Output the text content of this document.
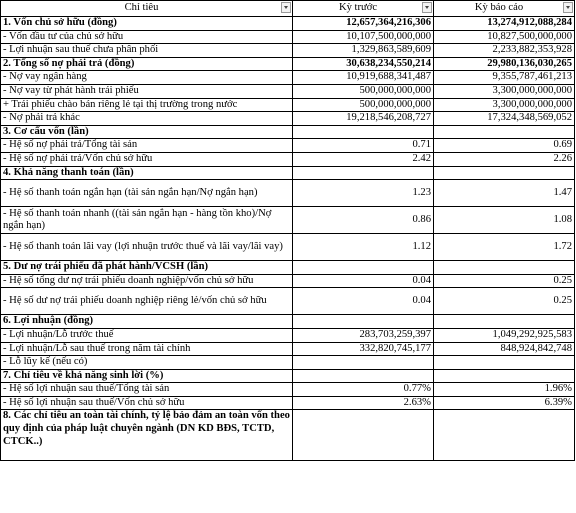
Chỉ tiêu	Kỳ trước	Kỳ báo cáo

1. Vốn chủ sở hữu (đồng)	12,657,364,216,306	13,274,912,088,284
- Vốn đầu tư của chủ sở hữu	10,107,500,000,000	10,827,500,000,000
- Lợi nhuận sau thuế chưa phân phối	1,329,863,589,609	2,233,882,353,928
2. Tổng số nợ phải trả (đồng)	30,638,234,550,214	29,980,136,030,265
- Nợ vay ngân hàng	10,919,688,341,487	9,355,787,461,213
- Nợ vay từ phát hành trái phiếu	500,000,000,000	3,300,000,000,000
+ Trái phiếu chào bán riêng lẻ tại thị trường trong nước	500,000,000,000	3,300,000,000,000
- Nợ phải trả khác	19,218,546,208,727	17,324,348,569,052
3. Cơ cấu vốn (lần)		
- Hệ số nợ phải trả/Tổng tài sản	0.71	0.69
- Hệ số nợ phải trả/Vốn chủ sở hữu	2.42	2.26
4. Khả năng thanh toán (lần)		
- Hệ số thanh toán ngắn hạn (tài sản ngắn hạn/Nợ ngắn hạn)	1.23	1.47
- Hệ số thanh toán nhanh ((tài sản ngắn hạn - hàng tồn kho)/Nợ ngắn hạn)	0.86	1.08
- Hệ số thanh toán lãi vay (lợi nhuận trước thuế và lãi vay/lãi vay)	1.12	1.72
5. Dư nợ trái phiếu đã phát hành/VCSH (lần)		
- Hệ số tổng dư nợ trái phiếu doanh nghiệp/vốn chủ sở hữu	0.04	0.25
- Hệ số dư nợ trái phiếu doanh nghiệp riêng lẻ/vốn chủ sở hữu	0.04	0.25
6. Lợi nhuận (đồng)		
- Lợi nhuận/Lỗ trước thuế	283,703,259,397	1,049,292,925,583
- Lợi nhuận/Lỗ sau thuế trong năm tài chính	332,820,745,177	848,924,842,748
- Lỗ lũy kế (nếu có)		
7. Chỉ tiêu về khả năng sinh lời (%)		
- Hệ số lợi nhuận sau thuế/Tổng tài sản	0.77%	1.96%
- Hệ số lợi nhuận sau thuế/Vốn chủ sở hữu	2.63%	6.39%
8. Các chỉ tiêu an toàn tài chính, tỷ lệ bảo đảm an toàn vốn theo quy định của pháp luật chuyên ngành (DN KD BĐS, TCTD, CTCK..)		
